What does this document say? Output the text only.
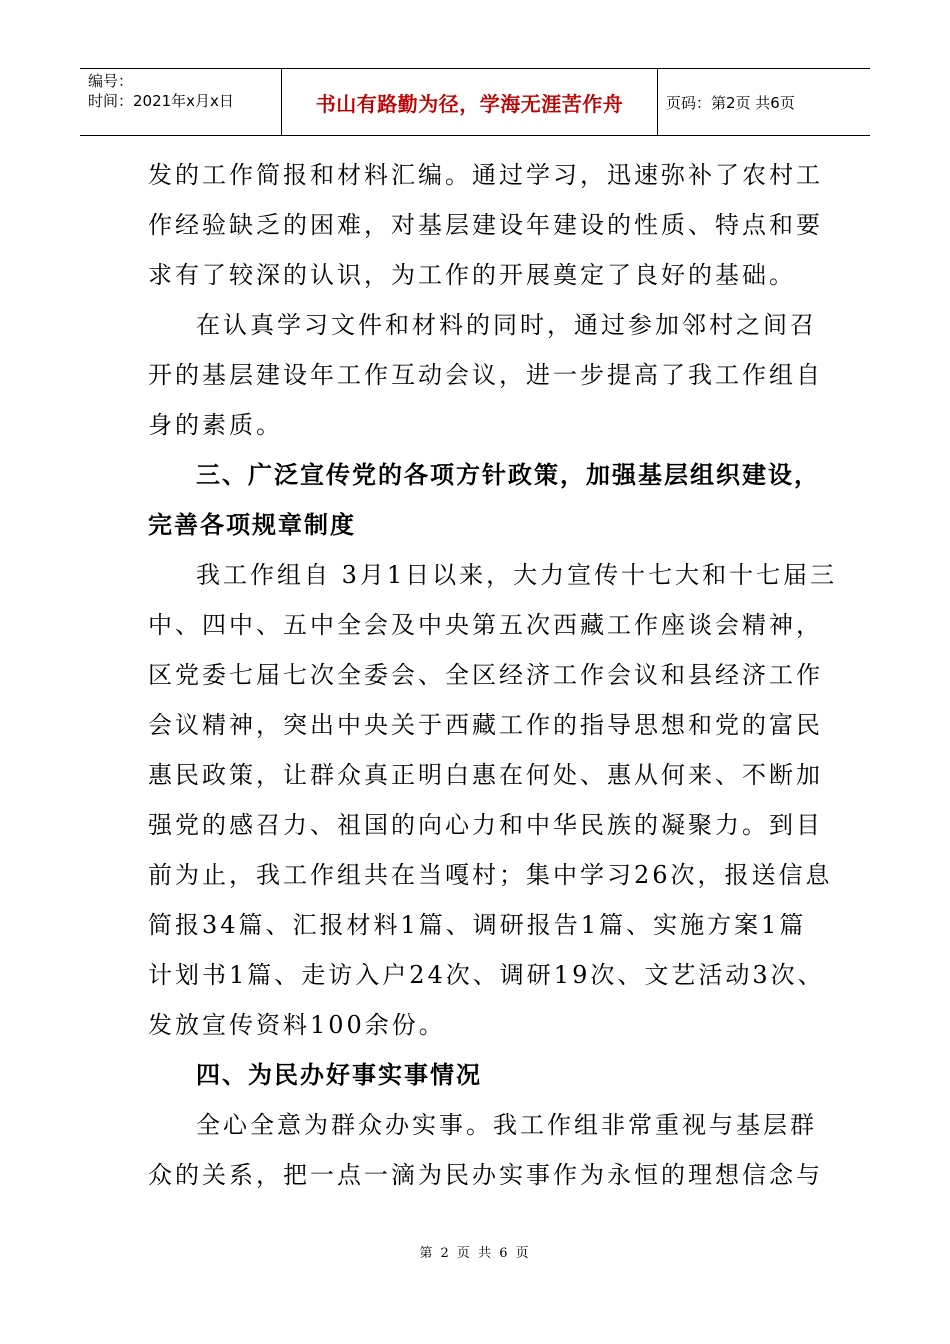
编号：
时间：2021年x月x日	书山有路勤为径，学海无涯苦作舟	页码：第2页 共6页
发的工作简报和材料汇编。通过学习，迅速弥补了农村工
作经验缺乏的困难，对基层建设年建设的性质、特点和要
求有了较深的认识，为工作的开展奠定了良好的基础。
在认真学习文件和材料的同时，通过参加邻村之间召
开的基层建设年工作互动会议，进一步提高了我工作组自
身的素质。
三、广泛宣传党的各项方针政策，加强基层组织建设，
完善各项规章制度
我工作组自 3月1日以来，大力宣传十七大和十七届三
中、四中、五中全会及中央第五次西藏工作座谈会精神，
区党委七届七次全委会、全区经济工作会议和县经济工作
会议精神，突出中央关于西藏工作的指导思想和党的富民
惠民政策，让群众真正明白惠在何处、惠从何来、不断加
强党的感召力、祖国的向心力和中华民族的凝聚力。到目
前为止，我工作组共在当嘎村；集中学习26次，报送信息
简报34篇、汇报材料1篇、调研报告1篇、实施方案1篇
计划书1篇、走访入户24次、调研19次、文艺活动3次、
发放宣传资料100余份。
四、为民办好事实事情况
全心全意为群众办实事。我工作组非常重视与基层群
众的关系，把一点一滴为民办实事作为永恒的理想信念与
第 2 页 共 6 页
